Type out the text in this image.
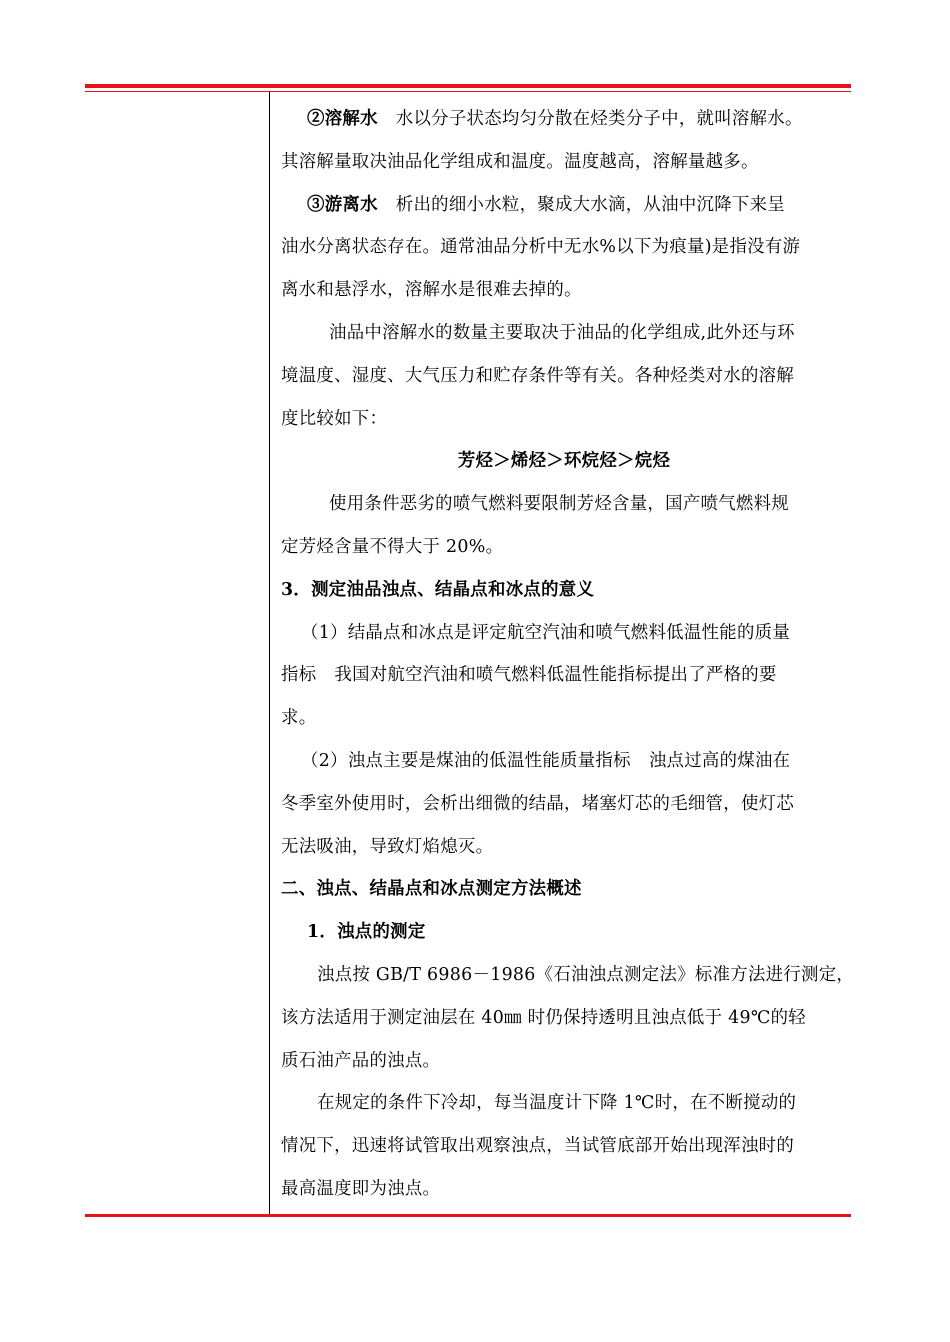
②溶解水 水以分子状态均匀分散在烃类分子中，就叫溶解水。

其溶解量取决油品化学组成和温度。温度越高，溶解量越多。

③游离水 析出的细小水粒，聚成大水滴，从油中沉降下来呈

油水分离状态存在。通常油品分析中无水%以下为痕量)是指没有游

离水和悬浮水，溶解水是很难去掉的。

油品中溶解水的数量主要取决于油品的化学组成,此外还与环

境温度、湿度、大气压力和贮存条件等有关。各种烃类对水的溶解

度比较如下：

芳烃＞烯烃＞环烷烃＞烷烃

使用条件恶劣的喷气燃料要限制芳烃含量，国产喷气燃料规

定芳烃含量不得大于 20%。

3．测定油品浊点、结晶点和冰点的意义

（1）结晶点和冰点是评定航空汽油和喷气燃料低温性能的质量

指标 我国对航空汽油和喷气燃料低温性能指标提出了严格的要

求。

（2）浊点主要是煤油的低温性能质量指标 浊点过高的煤油在

冬季室外使用时，会析出细微的结晶，堵塞灯芯的毛细管，使灯芯

无法吸油，导致灯焰熄灭。

二、浊点、结晶点和冰点测定方法概述

1．浊点的测定

浊点按 GB/T 6986－1986《石油浊点测定法》标准方法进行测定，

该方法适用于测定油层在 40㎜ 时仍保持透明且浊点低于 49℃的轻

质石油产品的浊点。

在规定的条件下冷却，每当温度计下降 1℃时，在不断搅动的

情况下，迅速将试管取出观察浊点，当试管底部开始出现浑浊时的

最高温度即为浊点。
